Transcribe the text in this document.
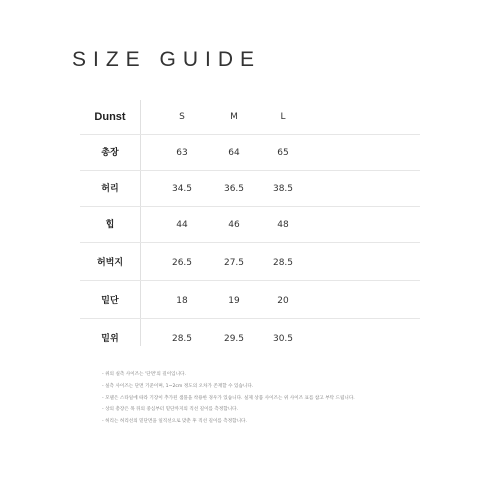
SIZE GUIDE
Dunst	S	M	L
총장	63	64	65
허리	34.5	36.5	38.5
힙	44	46	48
허벅지	26.5	27.5	28.5
밑단	18	19	20
밑위	28.5	29.5	30.5
- 위의 실측 사이즈는 '단면'의 길이입니다.
- 실측 사이즈는 단면 기준이며, 1~2cm 정도의 오차가 존재할 수 있습니다.
- 모델은 스타일에 따라 기장이 추가된 샘플을 착용한 경우가 있습니다. 실제 상품 사이즈는 위 사이즈 표를 참고 부탁 드립니다.
- 상의 총장은 목 뒤의 중심부터 밑단까지의 직선 길이를 측정합니다.
- 허리는 허리선의 밑단면을 일직선으로 맞춘 후 직선 길이를 측정합니다.
